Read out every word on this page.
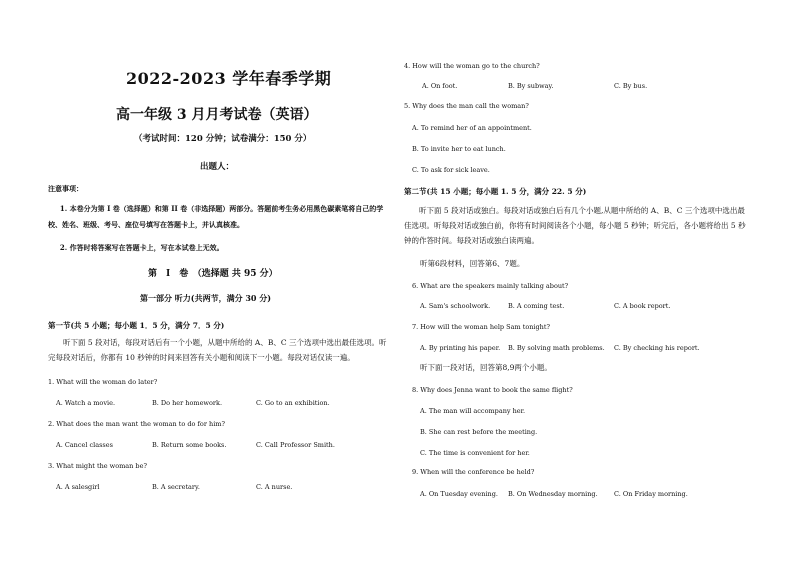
2022-2023 学年春季学期
高一年级 3 月月考试卷（英语）
（考试时间：120 分钟；试卷满分：150 分）
出题人：
注意事项：
1. 本卷分为第 I 卷（选择题）和第 II 卷（非选择题）两部分。答题前考生务必用黑色碳素笔将自己的学校、姓名、班级、考号、座位号填写在答题卡上，并认真核准。
2. 作答时将答案写在答题卡上，写在本试卷上无效。
第　I　卷　（选择题 共 95 分）
第一部分 听力(共两节，满分 30 分)
第一节(共 5 小题；每小题 1．5 分，满分 7．5 分)
听下面 5 段对话，每段对话后有一个小题，从题中所给的 A、B、C 三个选项中选出最佳选项。听完每段对话后，你都有 10 秒钟的时间来回答有关小题和阅读下一小题。每段对话仅读一遍。
1. What will the woman do later?
A. Watch a movie.	B. Do her homework.	C. Go to an exhibition.
2. What does the man want the woman to do for him?
A. Cancel classes	B. Return some books.	C. Call Professor Smith.
3. What might the woman be?
A. A salesgirl	B. A secretary.	C. A nurse.
4. How will the woman go to the church?
A. On foot.	B. By subway.	C. By bus.
5. Why does the man call the woman?
A. To remind her of an appointment.
B. To invite her to eat lunch.
C. To ask for sick leave.
第二节(共 15 小题；每小题 1. 5 分，满分 22. 5 分)
听下面 5 段对话或独白。每段对话或独白后有几个小题,从题中所给的 A、B、C 三个选项中选出最佳选项。听每段对话或独白前，你将有时间阅读各个小题，每小题 5 秒钟；听完后，各小题将给出 5 秒钟的作答时间。每段对话或独白读两遍。
听第6段材料，回答第6、7题。
6. What are the speakers mainly talking about?
A. Sam's schoolwork.	B. A coming test.	C. A book report.
7. How will the woman help Sam tonight?
A. By printing his paper. B. By solving math problems. C. By checking his report.
听下面一段对话，回答第8,9两个小题。
8. Why does Jenna want to book the same flight?
A. The man will accompany her.
B. She can rest before the meeting.
C. The time is convenient for her.
9. When will the conference be held?
A. On Tuesday evening. B. On Wednesday morning.	C. On Friday morning.
